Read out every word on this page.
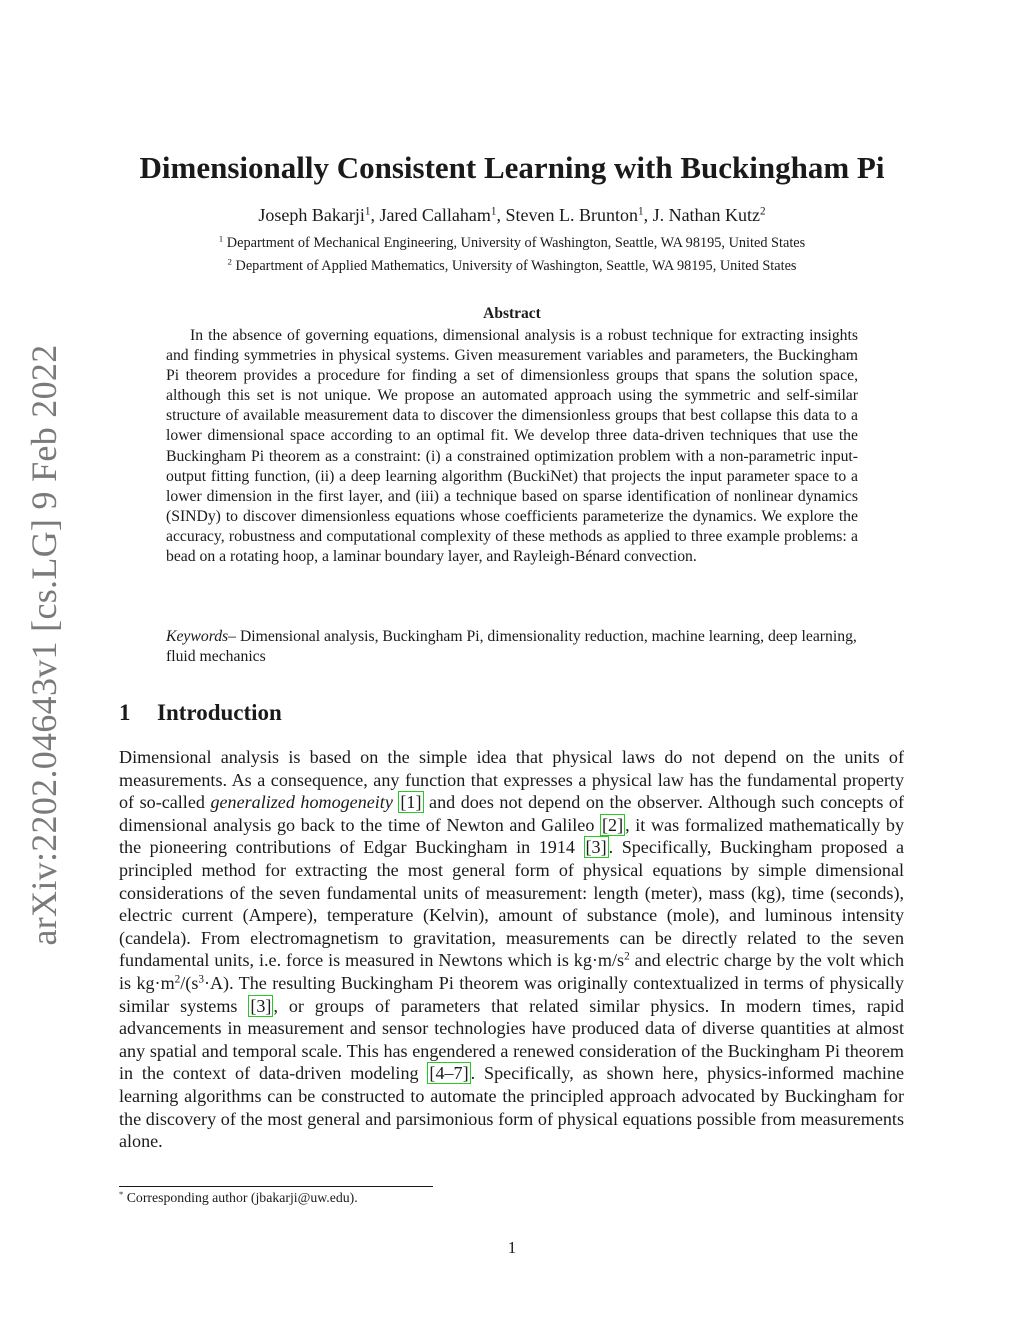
arXiv:2202.04643v1 [cs.LG] 9 Feb 2022
Dimensionally Consistent Learning with Buckingham Pi
Joseph Bakarji$^1$, Jared Callaham$^1$, Steven L. Brunton$^1$, J. Nathan Kutz$^2$
$^1$ Department of Mechanical Engineering, University of Washington, Seattle, WA 98195, United States
$^2$ Department of Applied Mathematics, University of Washington, Seattle, WA 98195, United States
Abstract

In the absence of governing equations, dimensional analysis is a robust technique for extracting insights and finding symmetries in physical systems. Given measurement variables and parameters, the Buckingham Pi theorem provides a procedure for finding a set of dimensionless groups that spans the solution space, although this set is not unique. We propose an automated approach using the symmetric and self-similar structure of available measurement data to discover the dimensionless groups that best collapse this data to a lower dimensional space according to an optimal fit. We develop three data-driven techniques that use the Buckingham Pi theorem as a constraint: (i) a constrained optimization problem with a non-parametric input-output fitting function, (ii) a deep learning algorithm (BuckiNet) that projects the input parameter space to a lower dimension in the first layer, and (iii) a technique based on sparse identification of nonlinear dynamics (SINDy) to discover dimensionless equations whose coefficients parameterize the dynamics. We explore the accuracy, robustness and computational complexity of these methods as applied to three example problems: a bead on a rotating hoop, a laminar boundary layer, and Rayleigh-Bénard convection.

Keywords– Dimensional analysis, Buckingham Pi, dimensionality reduction, machine learning, deep learning, fluid mechanics

1 Introduction

Dimensional analysis is based on the simple idea that physical laws do not depend on the units of measurements. As a consequence, any function that expresses a physical law has the fundamental property of so-called generalized homogeneity [1] and does not depend on the observer. Although such concepts of dimensional analysis go back to the time of Newton and Galileo [2] , it was formalized mathematically by the pioneering contributions of Edgar Buckingham in 1914 [3] . Specifically, Buckingham proposed a principled method for extracting the most general form of physical equations by simple dimensional considerations of the seven fundamental units of measurement: length (meter), mass (kg), time (seconds), electric current (Ampere), temperature (Kelvin), amount of substance (mole), and luminous intensity (candela). From electromagnetism to gravitation, measurements can be directly related to the seven fundamental units, i.e. force is measured in Newtons which is $kg\cdot m/s^2$ and electric charge by the volt which is $kg\cdot m^2/(s^3\cdot A)$. The resulting Buckingham Pi theorem was originally contextualized in terms of physically similar systems [3] , or groups of parameters that related similar physics. In modern times, rapid advancements in measurement and sensor technologies have produced data of diverse quantities at almost any spatial and temporal scale. This has engendered a renewed consideration of the Buckingham Pi theorem in the context of data-driven modeling [4–7] . Specifically, as shown here, physics-informed machine learning algorithms can be constructed to automate the principled approach advocated by Buckingham for the discovery of the most general and parsimonious form of physical equations possible from measurements alone.

* Corresponding author (jbakarji@uw.edu).
1
